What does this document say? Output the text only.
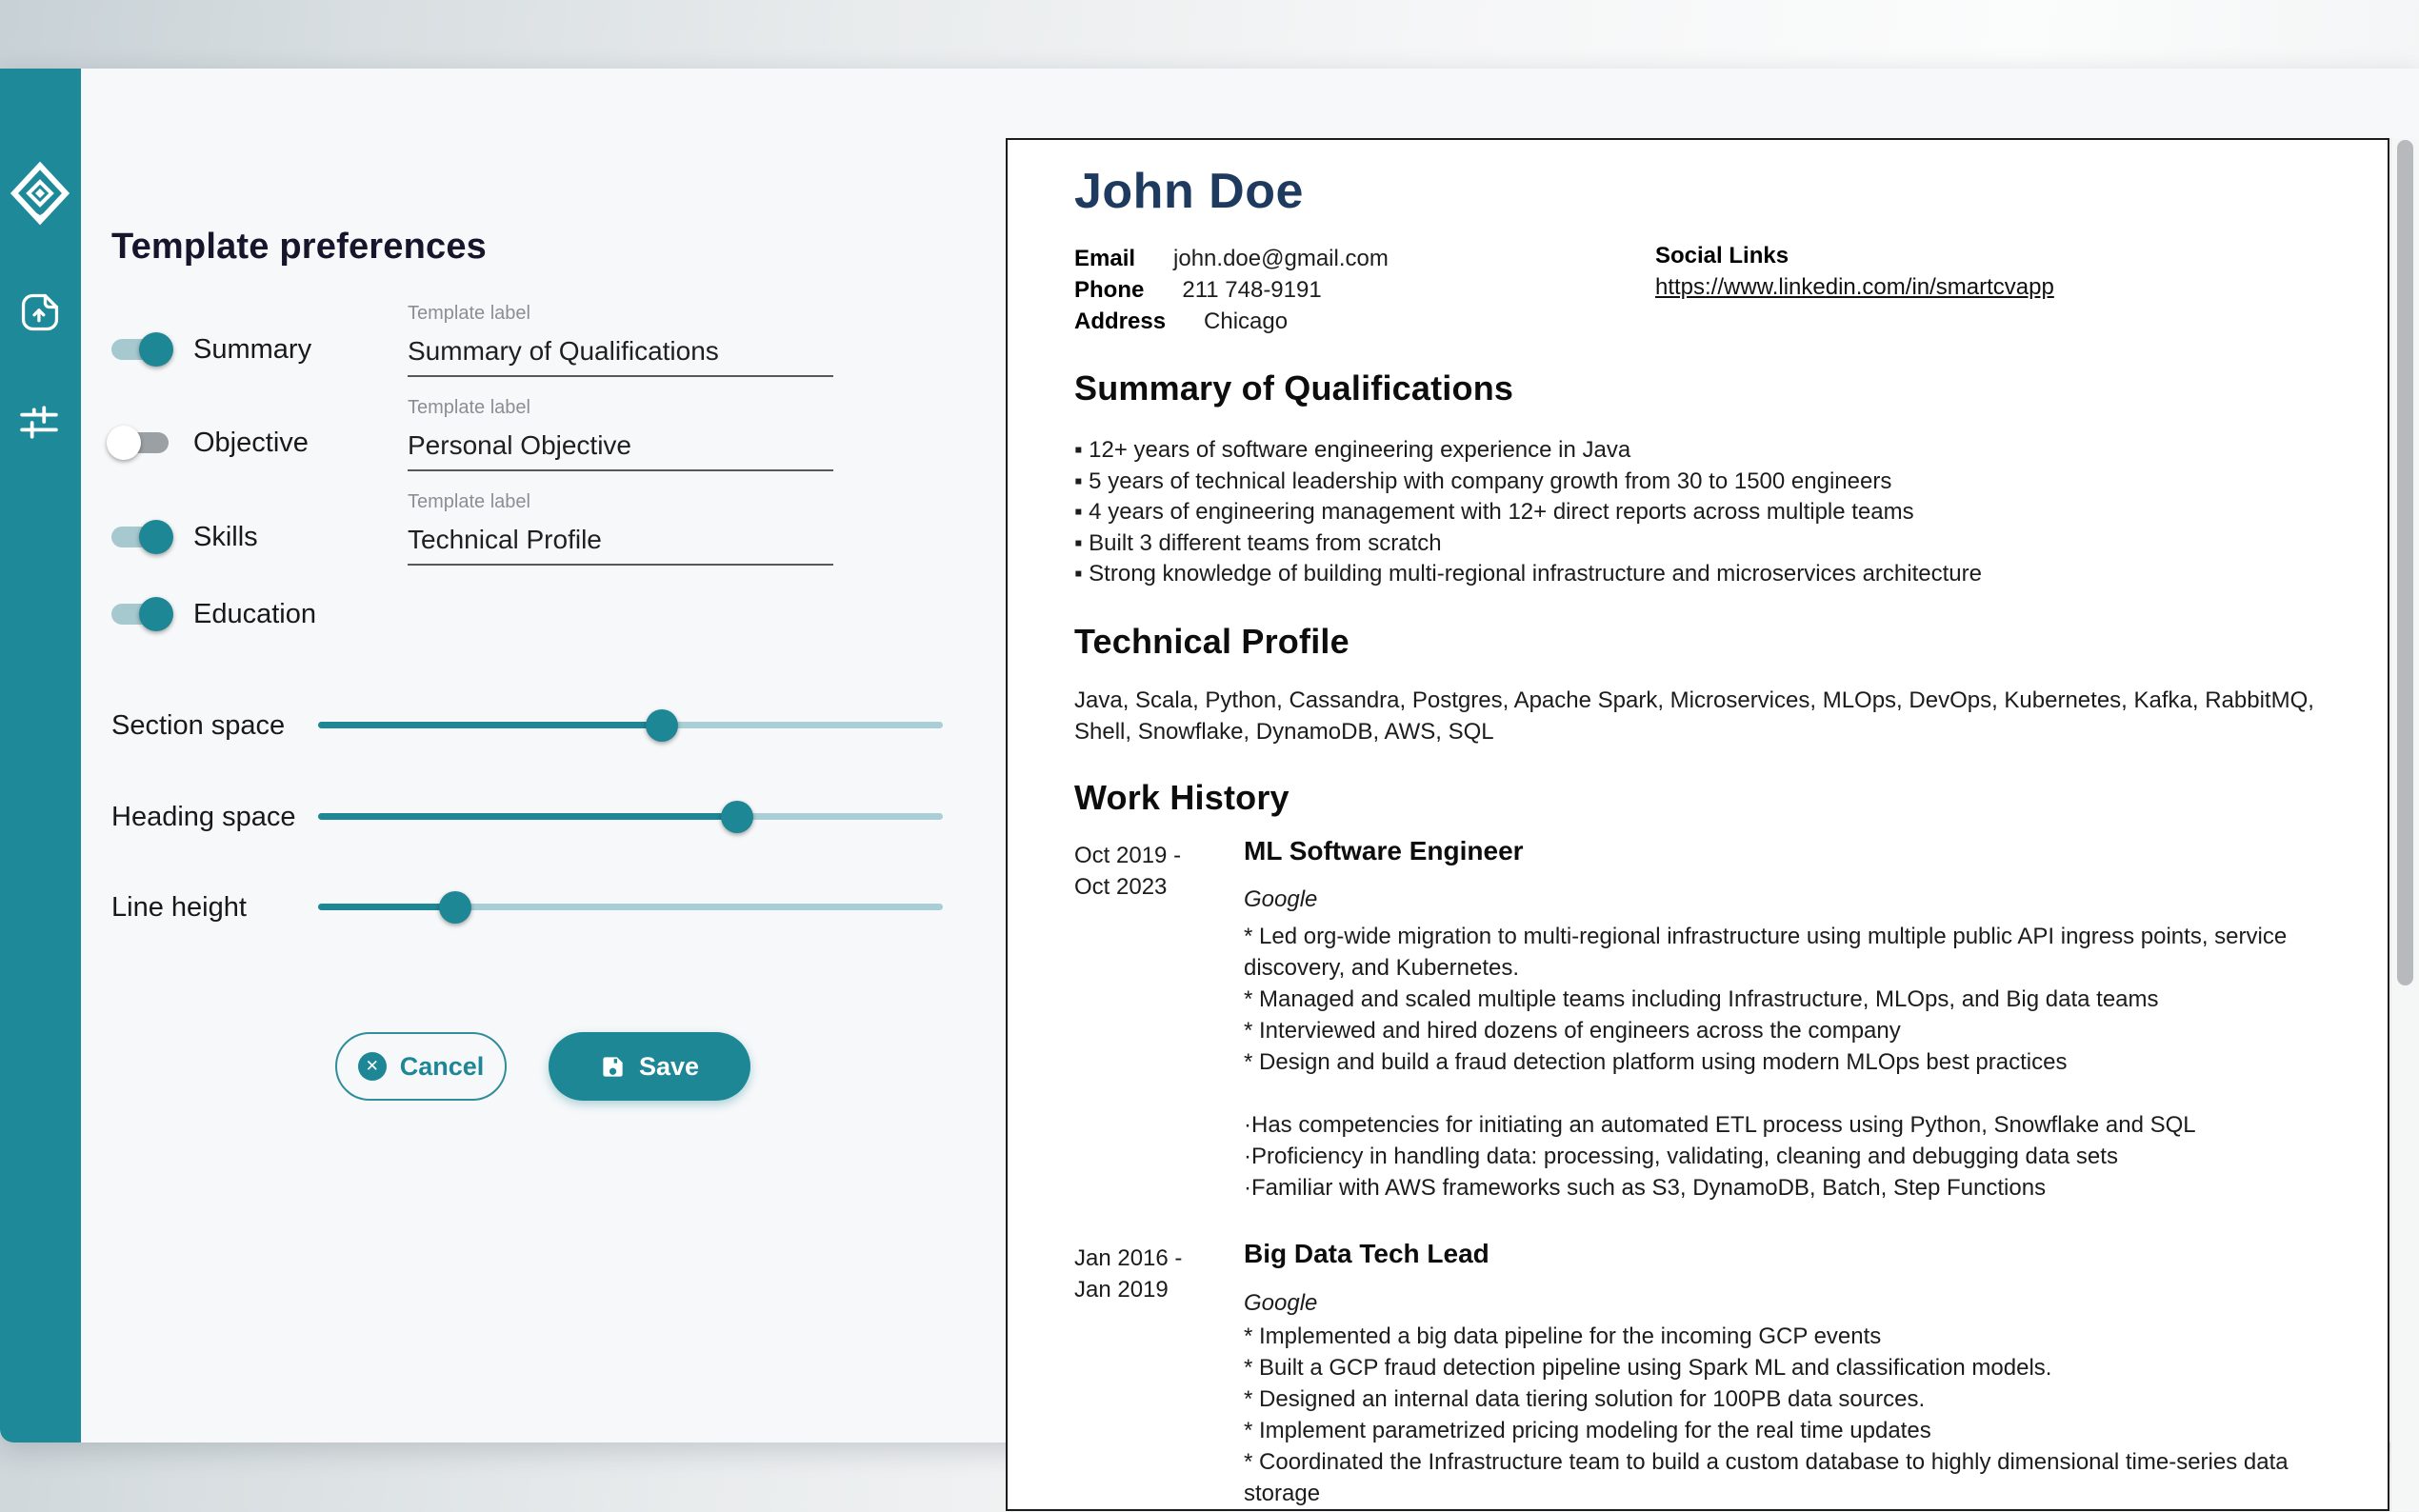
Template preferences
Summary
Objective
Skills
Education
Template label
Summary of Qualifications
Template label
Personal Objective
Template label
Technical Profile
Section space
Heading space
Line height
✕ Cancel	Save
John Doe
Email john.doe@gmail.com
Phone 211 748-9191
Address Chicago
Social Links
https://www.linkedin.com/in/smartcvapp
Summary of Qualifications
▪ 12+ years of software engineering experience in Java
▪ 5 years of technical leadership with company growth from 30 to 1500 engineers
▪ 4 years of engineering management with 12+ direct reports across multiple teams
▪ Built 3 different teams from scratch
▪ Strong knowledge of building multi-regional infrastructure and microservices architecture
Technical Profile
Java, Scala, Python, Cassandra, Postgres, Apache Spark, Microservices, MLOps, DevOps, Kubernetes, Kafka, RabbitMQ, Shell, Snowflake, DynamoDB, AWS, SQL
Work History
Oct 2019 -
Oct 2023
ML Software Engineer
Google
* Led org-wide migration to multi-regional infrastructure using multiple public API ingress points, service discovery, and Kubernetes.
* Managed and scaled multiple teams including Infrastructure, MLOps, and Big data teams
* Interviewed and hired dozens of engineers across the company
* Design and build a fraud detection platform using modern MLOps best practices
·Has competencies for initiating an automated ETL process using Python, Snowflake and SQL
·Proficiency in handling data: processing, validating, cleaning and debugging data sets
·Familiar with AWS frameworks such as S3, DynamoDB, Batch, Step Functions
Jan 2016 -
Jan 2019
Big Data Tech Lead
Google
* Implemented a big data pipeline for the incoming GCP events
* Built a GCP fraud detection pipeline using Spark ML and classification models.
* Designed an internal data tiering solution for 100PB data sources.
* Implement parametrized pricing modeling for the real time updates
* Coordinated the Infrastructure team to build a custom database to highly dimensional time-series data storage
